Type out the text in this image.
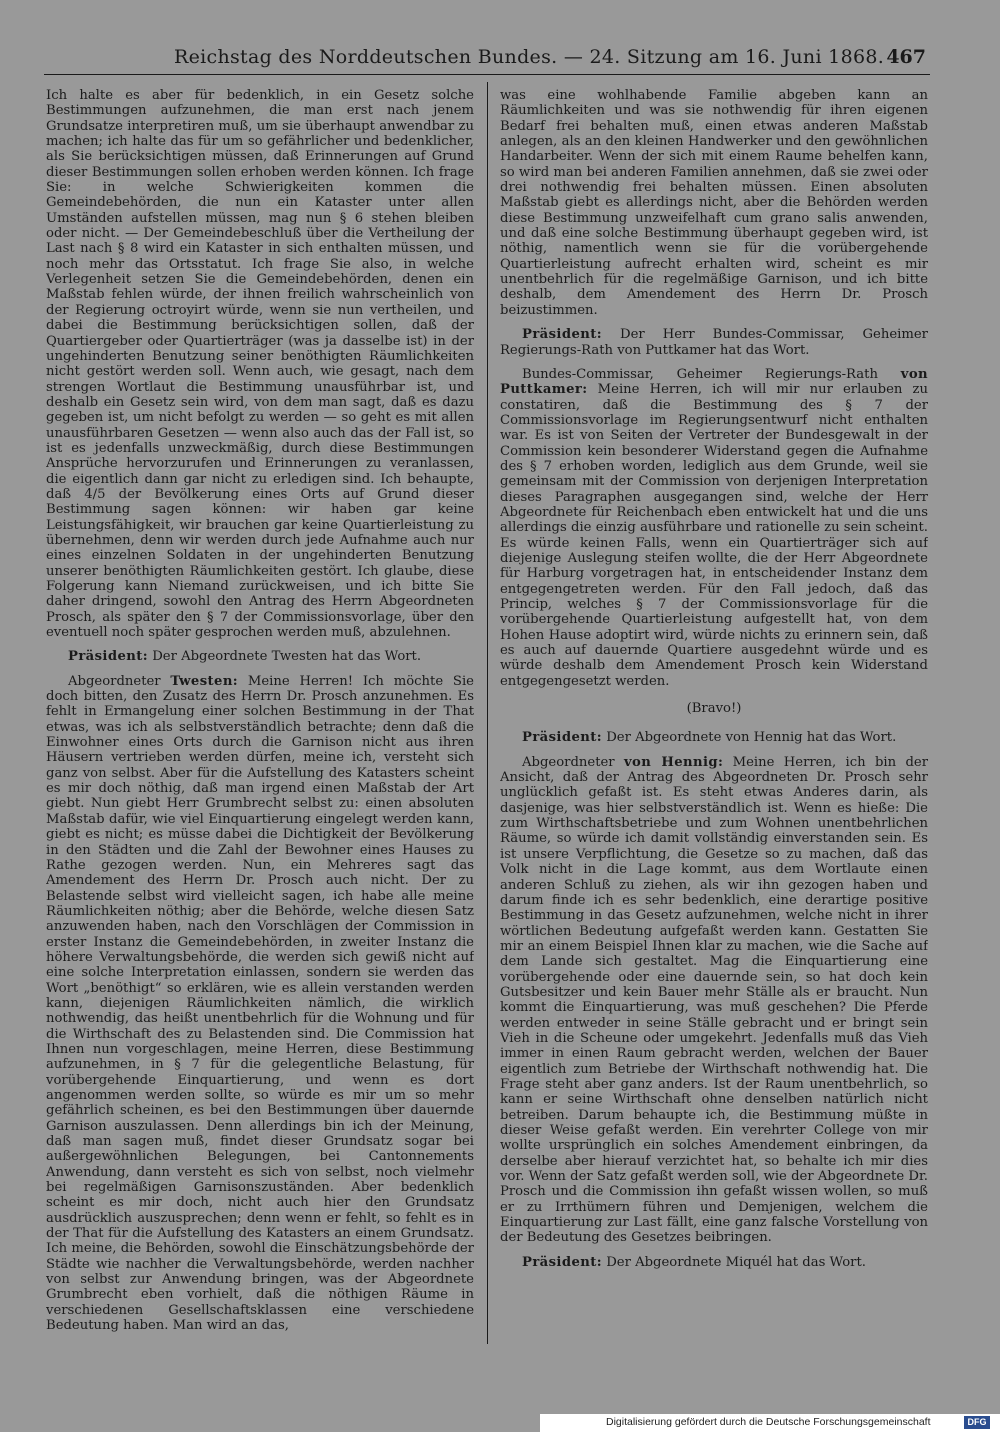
Reichstag des Norddeutschen Bundes. — 24. Sitzung am 16. Juni 1868. 467

Ich halte es aber für bedenklich, in ein Gesetz solche Bestimmungen aufzunehmen, die man erst nach jenem Grundsatze interpretiren muß, um sie überhaupt anwendbar zu machen; ich halte das für um so gefährlicher und bedenklicher, als Sie berücksichtigen müssen, daß Erinnerungen auf Grund dieser Bestimmungen sollen erhoben werden können. Ich frage Sie: in welche Schwierigkeiten kommen die Gemeindebehörden, die nun ein Kataster unter allen Umständen aufstellen müssen, mag nun § 6 stehen bleiben oder nicht. — Der Gemeindebeschluß über die Vertheilung der Last nach § 8 wird ein Kataster in sich enthalten müssen, und noch mehr das Ortsstatut. Ich frage Sie also, in welche Verlegenheit setzen Sie die Gemeindebehörden, denen ein Maßstab fehlen würde, der ihnen freilich wahrscheinlich von der Regierung octroyirt würde, wenn sie nun vertheilen, und dabei die Bestimmung berücksichtigen sollen, daß der Quartiergeber oder Quartierträger (was ja dasselbe ist) in der ungehinderten Benutzung seiner benöthigten Räumlichkeiten nicht gestört werden soll. Wenn auch, wie gesagt, nach dem strengen Wortlaut die Bestimmung unausführbar ist, und deshalb ein Gesetz sein wird, von dem man sagt, daß es dazu gegeben ist, um nicht befolgt zu werden — so geht es mit allen unausführbaren Gesetzen — wenn also auch das der Fall ist, so ist es jedenfalls unzweckmäßig, durch diese Bestimmungen Ansprüche hervorzurufen und Erinnerungen zu veranlassen, die eigentlich dann gar nicht zu erledigen sind. Ich behaupte, daß 4/5 der Bevölkerung eines Orts auf Grund dieser Bestimmung sagen können: wir haben gar keine Leistungsfähigkeit, wir brauchen gar keine Quartierleistung zu übernehmen, denn wir werden durch jede Aufnahme auch nur eines einzelnen Soldaten in der ungehinderten Benutzung unserer benöthigten Räumlichkeiten gestört. Ich glaube, diese Folgerung kann Niemand zurückweisen, und ich bitte Sie daher dringend, sowohl den Antrag des Herrn Abgeordneten Prosch, als später den § 7 der Commissionsvorlage, über den eventuell noch später gesprochen werden muß, abzulehnen.

Präsident: Der Abgeordnete Twesten hat das Wort.

Abgeordneter Twesten: Meine Herren! Ich möchte Sie doch bitten, den Zusatz des Herrn Dr. Prosch anzunehmen. Es fehlt in Ermangelung einer solchen Bestimmung in der That etwas, was ich als selbstverständlich betrachte; denn daß die Einwohner eines Orts durch die Garnison nicht aus ihren Häusern vertrieben werden dürfen, meine ich, versteht sich ganz von selbst. Aber für die Aufstellung des Katasters scheint es mir doch nöthig, daß man irgend einen Maßstab der Art giebt. Nun giebt Herr Grumbrecht selbst zu: einen absoluten Maßstab dafür, wie viel Einquartierung eingelegt werden kann, giebt es nicht; es müsse dabei die Dichtigkeit der Bevölkerung in den Städten und die Zahl der Bewohner eines Hauses zu Rathe gezogen werden. Nun, ein Mehreres sagt das Amendement des Herrn Dr. Prosch auch nicht. Der zu Belastende selbst wird vielleicht sagen, ich habe alle meine Räumlichkeiten nöthig; aber die Behörde, welche diesen Satz anzuwenden haben, nach den Vorschlägen der Commission in erster Instanz die Gemeindebehörden, in zweiter Instanz die höhere Verwaltungsbehörde, die werden sich gewiß nicht auf eine solche Interpretation einlassen, sondern sie werden das Wort „benöthigt“ so erklären, wie es allein verstanden werden kann, diejenigen Räumlichkeiten nämlich, die wirklich nothwendig, das heißt unentbehrlich für die Wohnung und für die Wirthschaft des zu Belastenden sind. Die Commission hat Ihnen nun vorgeschlagen, meine Herren, diese Bestimmung aufzunehmen, in § 7 für die gelegentliche Belastung, für vorübergehende Einquartierung, und wenn es dort angenommen werden sollte, so würde es mir um so mehr gefährlich scheinen, es bei den Bestimmungen über dauernde Garnison auszulassen. Denn allerdings bin ich der Meinung, daß man sagen muß, findet dieser Grundsatz sogar bei außergewöhnlichen Belegungen, bei Cantonnements Anwendung, dann versteht es sich von selbst, noch vielmehr bei regelmäßigen Garnisonszuständen. Aber bedenklich scheint es mir doch, nicht auch hier den Grundsatz ausdrücklich auszusprechen; denn wenn er fehlt, so fehlt es in der That für die Aufstellung des Katasters an einem Grundsatz. Ich meine, die Behörden, sowohl die Einschätzungsbehörde der Städte wie nachher die Verwaltungsbehörde, werden nachher von selbst zur Anwendung bringen, was der Abgeordnete Grumbrecht eben vorhielt, daß die nöthigen Räume in verschiedenen Gesellschaftsklassen eine verschiedene Bedeutung haben. Man wird an das,

was eine wohlhabende Familie abgeben kann an Räumlichkeiten und was sie nothwendig für ihren eigenen Bedarf frei behalten muß, einen etwas anderen Maßstab anlegen, als an den kleinen Handwerker und den gewöhnlichen Handarbeiter. Wenn der sich mit einem Raume behelfen kann, so wird man bei anderen Familien annehmen, daß sie zwei oder drei nothwendig frei behalten müssen. Einen absoluten Maßstab giebt es allerdings nicht, aber die Behörden werden diese Bestimmung unzweifelhaft cum grano salis anwenden, und daß eine solche Bestimmung überhaupt gegeben wird, ist nöthig, namentlich wenn sie für die vorübergehende Quartierleistung aufrecht erhalten wird, scheint es mir unentbehrlich für die regelmäßige Garnison, und ich bitte deshalb, dem Amendement des Herrn Dr. Prosch beizustimmen.

Präsident: Der Herr Bundes-Commissar, Geheimer Regierungs-Rath von Puttkamer hat das Wort.

Bundes-Commissar, Geheimer Regierungs-Rath von Puttkamer: Meine Herren, ich will mir nur erlauben zu constatiren, daß die Bestimmung des § 7 der Commissionsvorlage im Regierungsentwurf nicht enthalten war. Es ist von Seiten der Vertreter der Bundesgewalt in der Commission kein besonderer Widerstand gegen die Aufnahme des § 7 erhoben worden, lediglich aus dem Grunde, weil sie gemeinsam mit der Commission von derjenigen Interpretation dieses Paragraphen ausgegangen sind, welche der Herr Abgeordnete für Reichenbach eben entwickelt hat und die uns allerdings die einzig ausführbare und rationelle zu sein scheint. Es würde keinen Falls, wenn ein Quartierträger sich auf diejenige Auslegung steifen wollte, die der Herr Abgeordnete für Harburg vorgetragen hat, in entscheidender Instanz dem entgegengetreten werden. Für den Fall jedoch, daß das Princip, welches § 7 der Commissionsvorlage für die vorübergehende Quartierleistung aufgestellt hat, von dem Hohen Hause adoptirt wird, würde nichts zu erinnern sein, daß es auch auf dauernde Quartiere ausgedehnt würde und es würde deshalb dem Amendement Prosch kein Widerstand entgegengesetzt werden.

(Bravo!)

Präsident: Der Abgeordnete von Hennig hat das Wort.

Abgeordneter von Hennig: Meine Herren, ich bin der Ansicht, daß der Antrag des Abgeordneten Dr. Prosch sehr unglücklich gefaßt ist. Es steht etwas Anderes darin, als dasjenige, was hier selbstverständlich ist. Wenn es hieße: Die zum Wirthschaftsbetriebe und zum Wohnen unentbehrlichen Räume, so würde ich damit vollständig einverstanden sein. Es ist unsere Verpflichtung, die Gesetze so zu machen, daß das Volk nicht in die Lage kommt, aus dem Wortlaute einen anderen Schluß zu ziehen, als wir ihn gezogen haben und darum finde ich es sehr bedenklich, eine derartige positive Bestimmung in das Gesetz aufzunehmen, welche nicht in ihrer wörtlichen Bedeutung aufgefaßt werden kann. Gestatten Sie mir an einem Beispiel Ihnen klar zu machen, wie die Sache auf dem Lande sich gestaltet. Mag die Einquartierung eine vorübergehende oder eine dauernde sein, so hat doch kein Gutsbesitzer und kein Bauer mehr Ställe als er braucht. Nun kommt die Einquartierung, was muß geschehen? Die Pferde werden entweder in seine Ställe gebracht und er bringt sein Vieh in die Scheune oder umgekehrt. Jedenfalls muß das Vieh immer in einen Raum gebracht werden, welchen der Bauer eigentlich zum Betriebe der Wirthschaft nothwendig hat. Die Frage steht aber ganz anders. Ist der Raum unentbehrlich, so kann er seine Wirthschaft ohne denselben natürlich nicht betreiben. Darum behaupte ich, die Bestimmung müßte in dieser Weise gefaßt werden. Ein verehrter College von mir wollte ursprünglich ein solches Amendement einbringen, da derselbe aber hierauf verzichtet hat, so behalte ich mir dies vor. Wenn der Satz gefaßt werden soll, wie der Abgeordnete Dr. Prosch und die Commission ihn gefaßt wissen wollen, so muß er zu Irrthümern führen und Demjenigen, welchem die Einquartierung zur Last fällt, eine ganz falsche Vorstellung von der Bedeutung des Gesetzes beibringen.

Präsident: Der Abgeordnete Miquél hat das Wort.

Digitalisierung gefördert durch die Deutsche Forschungsgemeinschaft	DFG
